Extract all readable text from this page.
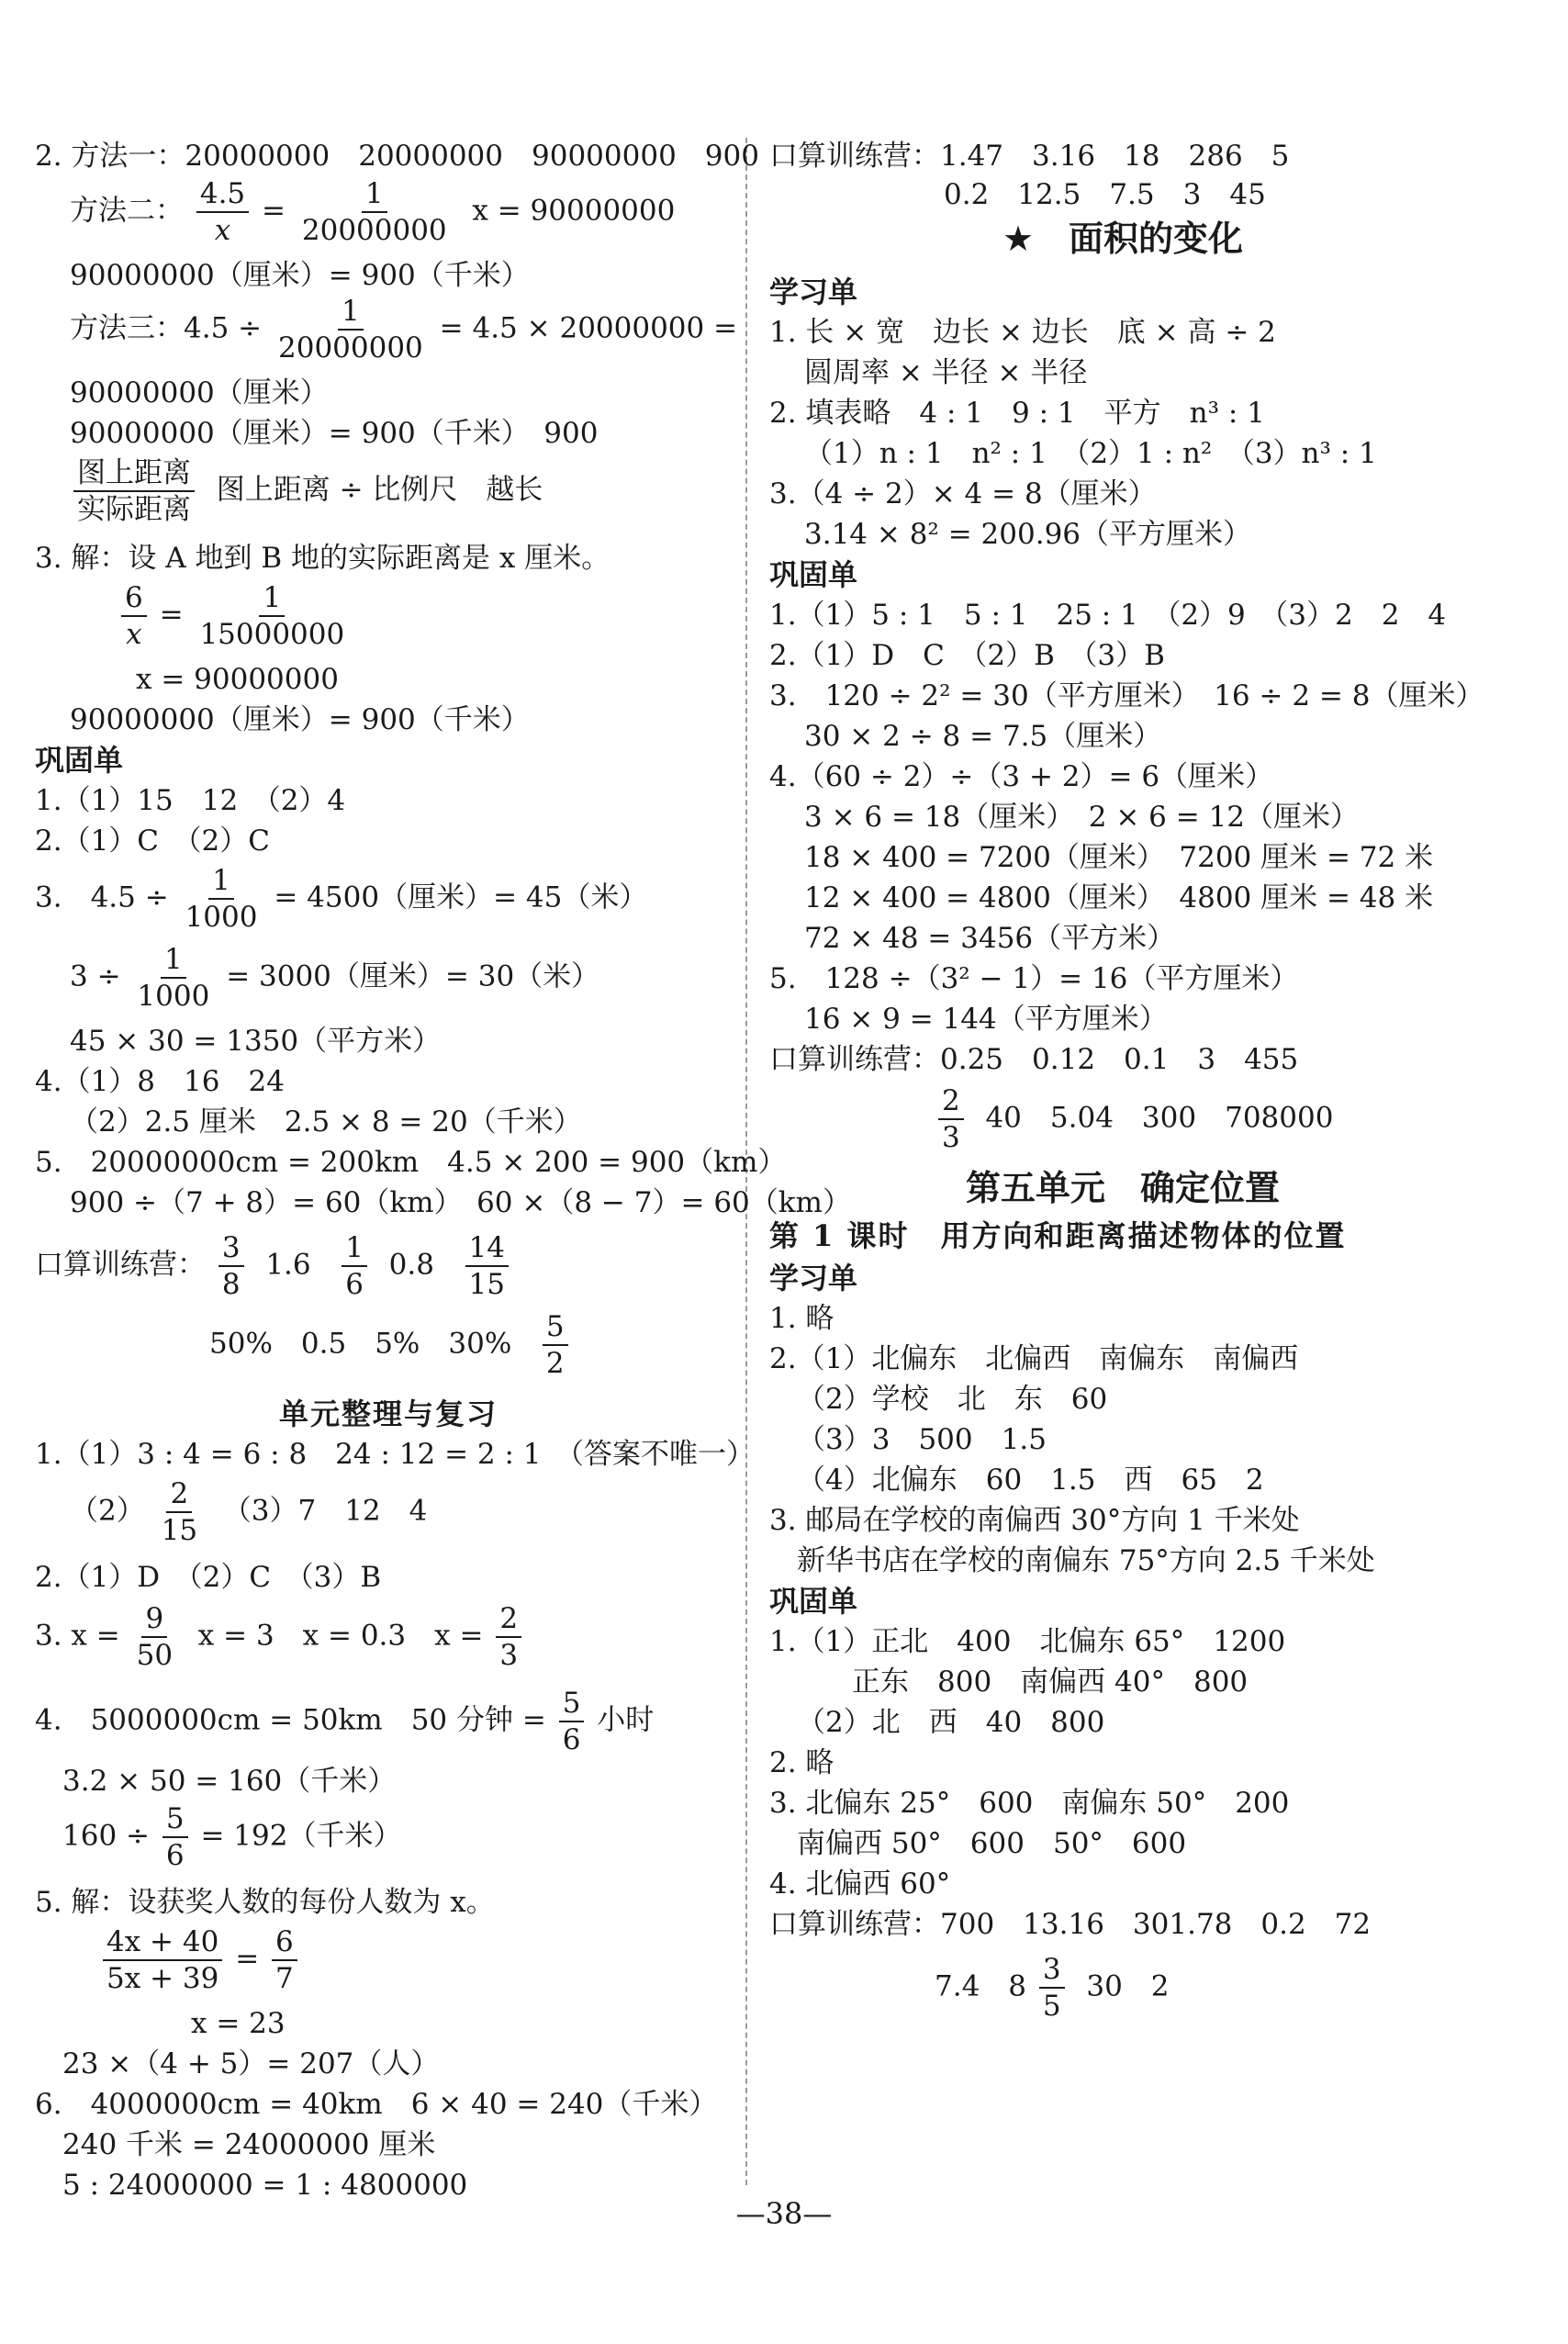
2. 方法一：20000000　20000000　90000000　900
方法二： $\frac{4.5}{x} = \frac{1}{20000000}$ x = 90000000
90000000（厘米）= 900（千米）
方法三：$4.5 \div \frac{1}{20000000} = 4.5 \times 20000000$ =
90000000（厘米）
90000000（厘米）= 900（千米）　900
$\frac{\text{图上距离}}{\text{实际距离}}$ 图上距离 ÷ 比例尺　越长
3. 解：设 A 地到 B 地的实际距离是 x 厘米。
$\frac{6}{x} = \frac{1}{15000000}$
x = 90000000
90000000（厘米）= 900（千米）
巩固单
1.（1）15　12　（2）4
2.（1）C　（2）C
3.　$4.5 \div \frac{1}{1000} = 4500$（厘米）= 45（米）
$3 \div \frac{1}{1000} = 3000$（厘米）= 30（米）
45 × 30 = 1350（平方米）
4.（1）8　16　24
（2）2.5 厘米　2.5 × 8 = 20（千米）
5.　20000000cm = 200km　4.5 × 200 = 900（km）
900 ÷（7 + 8）= 60（km）　60 ×（8 − 7）= 60（km）
口算训练营： $\frac{3}{8} 1.6 \frac{1}{6} 0.8 \frac{14}{15}$
50%　0.5　5%　$30\% \frac{5}{2}$
单元整理与复习
1.（1）3 : 4 = 6 : 8　24 : 12 = 2 : 1　（答案不唯一）
$(2) \frac{2}{15} (3)7$　12　4
2.（1）D　（2）C　（3）B
3. $x = \frac{9}{50}$ x = 3　x = 0.3　$x = \frac{2}{3}$
4.　5000000cm = 50km　50 分钟 = $\frac{5}{6}$ 小时
3.2 × 50 = 160（千米）
$160 \div \frac{5}{6} = 192$（千米）
5. 解：设获奖人数的每份人数为 x。
$\frac{4x + 40}{5x + 39} = \frac{6}{7}$
x = 23
23 ×（4 + 5）= 207（人）
6.　4000000cm = 40km　6 × 40 = 240（千米）
240 千米 = 24000000 厘米
5 : 24000000 = 1 : 4800000
口算训练营：1.47　3.16　18　286　5
0.2　12.5　7.5　3　45
★　面积的变化
学习单
1. 长 × 宽　边长 × 边长　底 × 高 ÷ 2
圆周率 × 半径 × 半径
2. 填表略　4 : 1　9 : 1　平方　n³ : 1
（1）n : 1　n² : 1　（2）1 : n²　（3）n³ : 1
3.（4 ÷ 2）× 4 = 8（厘米）
3.14 × 8² = 200.96（平方厘米）
巩固单
1.（1）5 : 1　5 : 1　25 : 1　（2）9　（3）2　2　4
2.（1）D　C　（2）B　（3）B
3.　120 ÷ 2² = 30（平方厘米）　16 ÷ 2 = 8（厘米）
30 × 2 ÷ 8 = 7.5（厘米）
4.（60 ÷ 2）÷（3 + 2）= 6（厘米）
3 × 6 = 18（厘米）　2 × 6 = 12（厘米）
18 × 400 = 7200（厘米）　7200 厘米 = 72 米
12 × 400 = 4800（厘米）　4800 厘米 = 48 米
72 × 48 = 3456（平方米）
5.　128 ÷（3² − 1）= 16（平方厘米）
16 × 9 = 144（平方厘米）
口算训练营：0.25　0.12　0.1　3　455
$\frac{2}{3} 40$　5.04　300　708000
第五单元　确定位置
第 1 课时　用方向和距离描述物体的位置
学习单
1. 略
2.（1）北偏东　北偏西　南偏东　南偏西
（2）学校　北　东　60
（3）3　500　1.5
（4）北偏东　60　1.5　西　65　2
3. 邮局在学校的南偏西 30°方向 1 千米处
新华书店在学校的南偏东 75°方向 2.5 千米处
巩固单
1.（1）正北　400　北偏东 65°　1200
正东　800　南偏西 40°　800
（2）北　西　40　800
2. 略
3. 北偏东 25°　600　南偏东 50°　200
南偏西 50°　600　50°　600
4. 北偏西 60°
口算训练营：700　13.16　301.78　0.2　72
7.4　$8 \frac{3}{5} 30$　2
—38—
